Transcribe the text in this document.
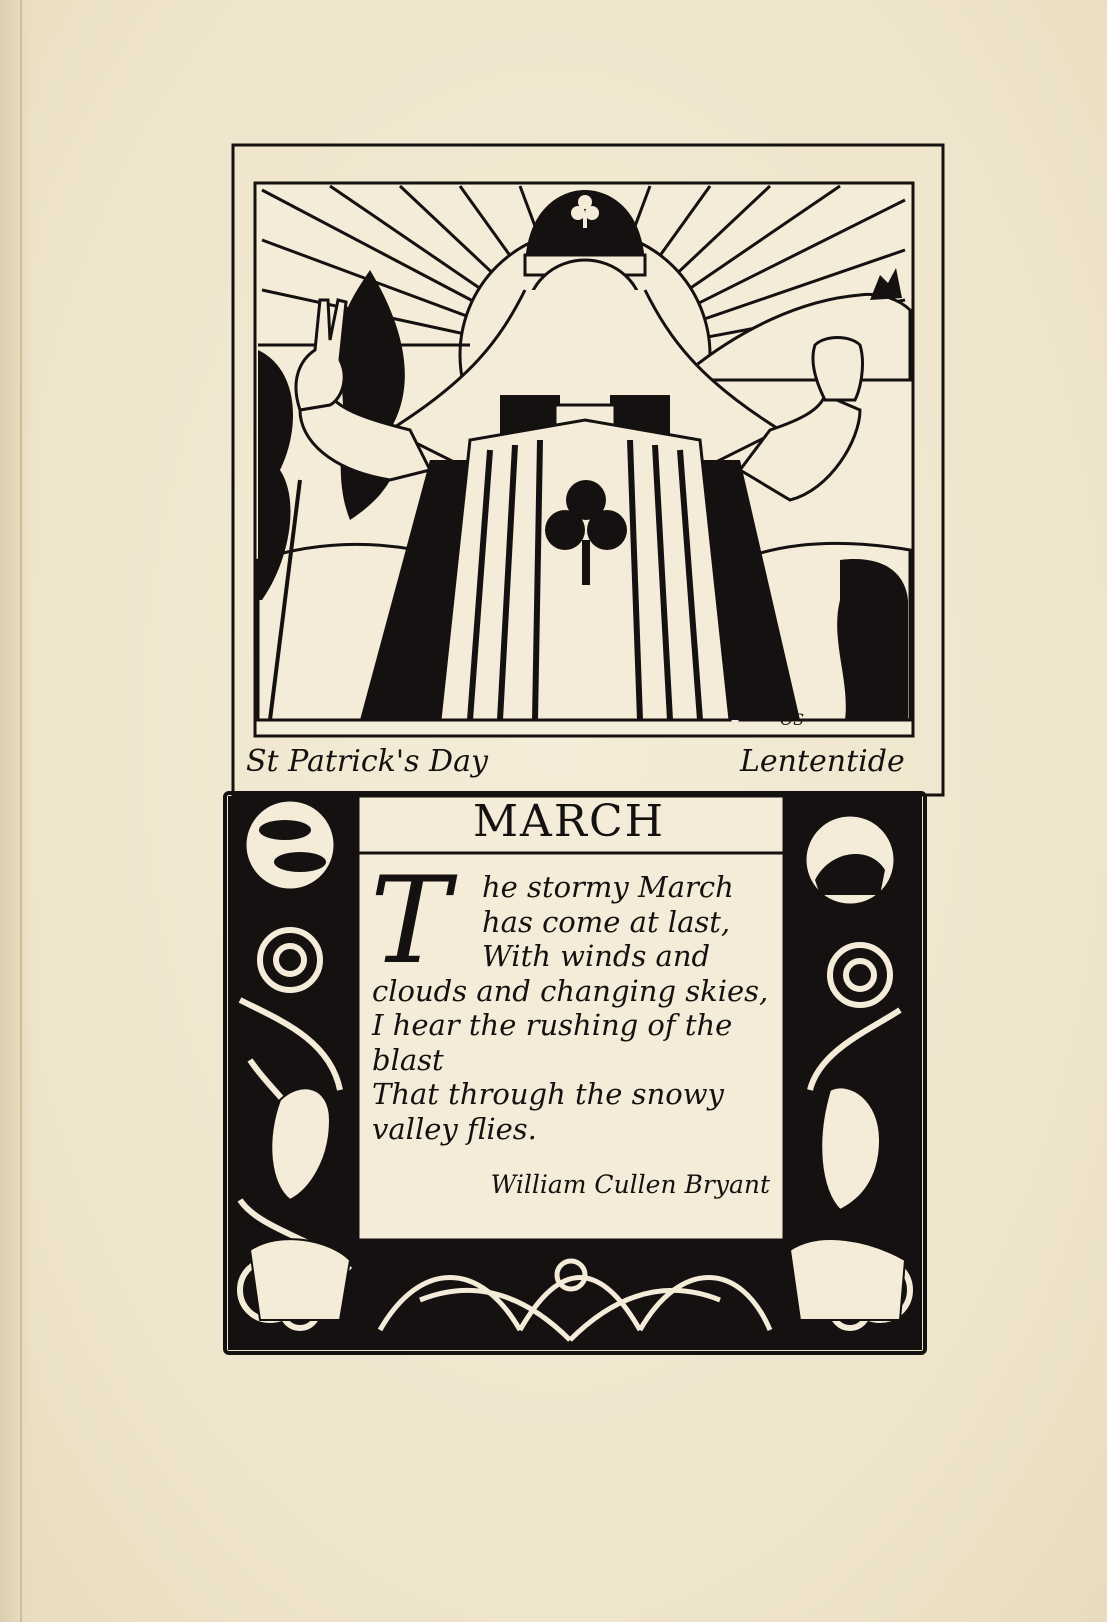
OS
St Patrick's Day	Lententide
MARCH
T	he stormy March
has come at last,
With winds and
clouds and changing skies,
I hear the rushing of the
blast
That through the snowy
valley flies.
William Cullen Bryant
